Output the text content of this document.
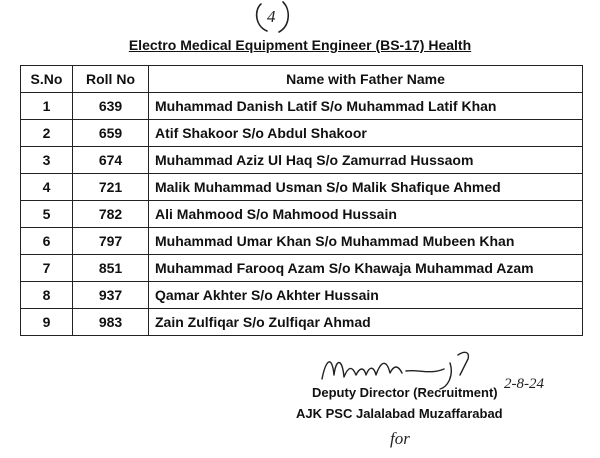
4
Electro Medical Equipment Engineer (BS-17) Health
S.No	Roll No	Name with Father Name
1	639	Muhammad Danish Latif S/o Muhammad Latif Khan
2	659	Atif Shakoor S/o Abdul Shakoor
3	674	Muhammad Aziz Ul Haq S/o Zamurrad Hussaom
4	721	Malik Muhammad Usman S/o Malik Shafique Ahmed
5	782	Ali Mahmood S/o Mahmood Hussain
6	797	Muhammad Umar Khan S/o Muhammad Mubeen Khan
7	851	Muhammad Farooq Azam S/o Khawaja Muhammad Azam
8	937	Qamar Akhter S/o Akhter Hussain
9	983	Zain Zulfiqar S/o Zulfiqar Ahmad
2-8-24
Deputy Director (Recruitment)
AJK PSC Jalalabad Muzaffarabad
for
